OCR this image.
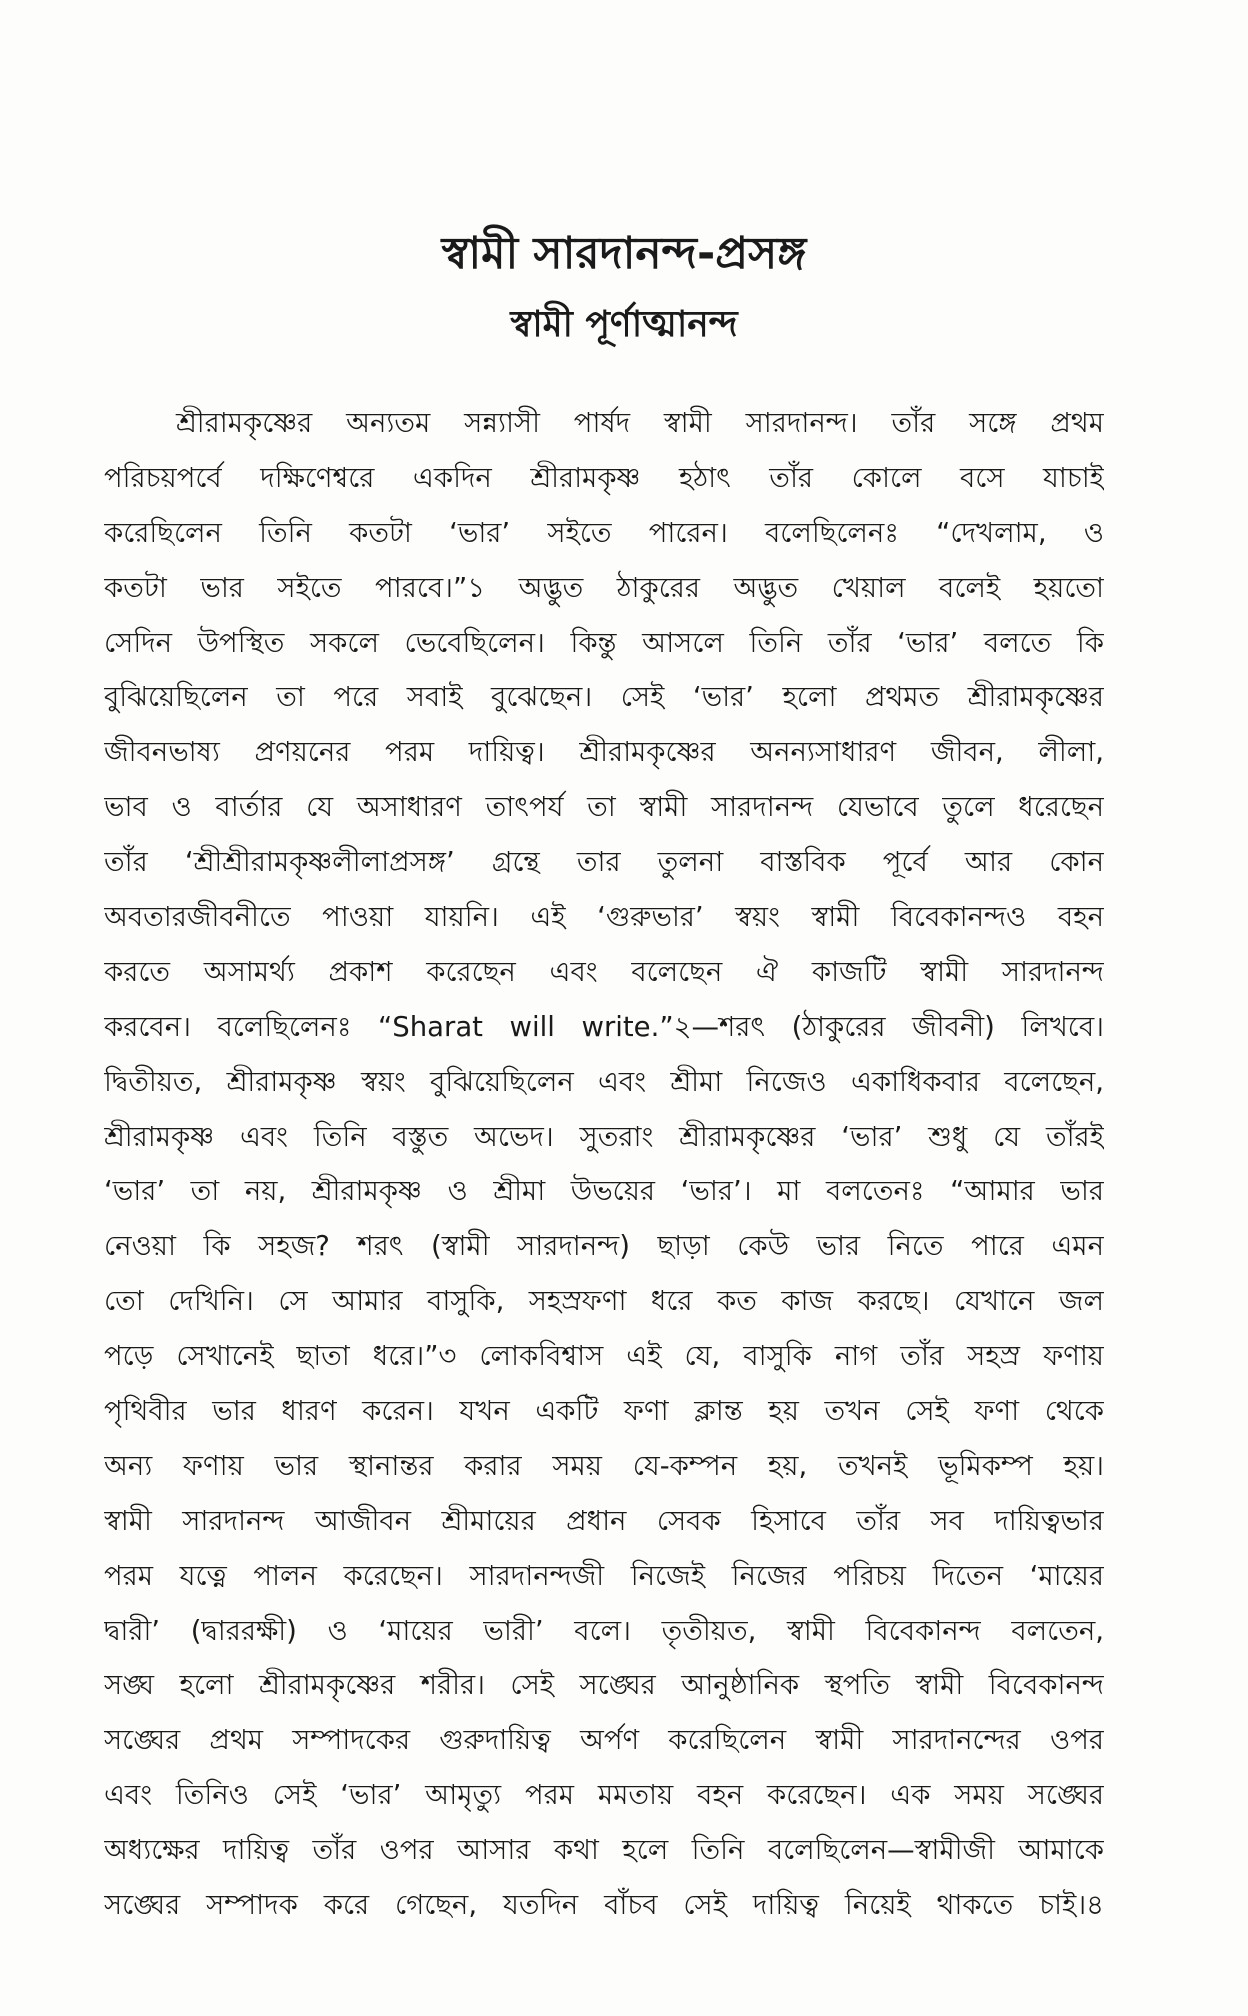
স্বামী সারদানন্দ-প্রসঙ্গ
স্বামী পূর্ণাত্মানন্দ
শ্রীরামকৃষ্ণের অন্যতম সন্ন্যাসী পার্ষদ স্বামী সারদানন্দ। তাঁর সঙ্গে প্রথম
পরিচয়পর্বে দক্ষিণেশ্বরে একদিন শ্রীরামকৃষ্ণ হঠাৎ তাঁর কোলে বসে যাচাই
করেছিলেন তিনি কতটা ‘ভার’ সইতে পারেন। বলেছিলেনঃ “দেখলাম, ও
কতটা ভার সইতে পারবে।”১ অদ্ভুত ঠাকুরের অদ্ভুত খেয়াল বলেই হয়তো
সেদিন উপস্থিত সকলে ভেবেছিলেন। কিন্তু আসলে তিনি তাঁর ‘ভার’ বলতে কি
বুঝিয়েছিলেন তা পরে সবাই বুঝেছেন। সেই ‘ভার’ হলো প্রথমত শ্রীরামকৃষ্ণের
জীবনভাষ্য প্রণয়নের পরম দায়িত্ব। শ্রীরামকৃষ্ণের অনন্যসাধারণ জীবন, লীলা,
ভাব ও বার্তার যে অসাধারণ তাৎপর্য তা স্বামী সারদানন্দ যেভাবে তুলে ধরেছেন
তাঁর ‘শ্রীশ্রীরামকৃষ্ণলীলাপ্রসঙ্গ’ গ্রন্থে তার তুলনা বাস্তবিক পূর্বে আর কোন
অবতারজীবনীতে পাওয়া যায়নি। এই ‘গুরুভার’ স্বয়ং স্বামী বিবেকানন্দও বহন
করতে অসামর্থ্য প্রকাশ করেছেন এবং বলেছেন ঐ কাজটি স্বামী সারদানন্দ
করবেন। বলেছিলেনঃ “Sharat will write.”২—শরৎ (ঠাকুরের জীবনী) লিখবে।
দ্বিতীয়ত, শ্রীরামকৃষ্ণ স্বয়ং বুঝিয়েছিলেন এবং শ্রীমা নিজেও একাধিকবার বলেছেন,
শ্রীরামকৃষ্ণ এবং তিনি বস্তুত অভেদ। সুতরাং শ্রীরামকৃষ্ণের ‘ভার’ শুধু যে তাঁরই
‘ভার’ তা নয়, শ্রীরামকৃষ্ণ ও শ্রীমা উভয়ের ‘ভার’। মা বলতেনঃ “আমার ভার
নেওয়া কি সহজ? শরৎ (স্বামী সারদানন্দ) ছাড়া কেউ ভার নিতে পারে এমন
তো দেখিনি। সে আমার বাসুকি, সহস্রফণা ধরে কত কাজ করছে। যেখানে জল
পড়ে সেখানেই ছাতা ধরে।”৩ লোকবিশ্বাস এই যে, বাসুকি নাগ তাঁর সহস্র ফণায়
পৃথিবীর ভার ধারণ করেন। যখন একটি ফণা ক্লান্ত হয় তখন সেই ফণা থেকে
অন্য ফণায় ভার স্থানান্তর করার সময় যে-কম্পন হয়, তখনই ভূমিকম্প হয়।
স্বামী সারদানন্দ আজীবন শ্রীমায়ের প্রধান সেবক হিসাবে তাঁর সব দায়িত্বভার
পরম যত্নে পালন করেছেন। সারদানন্দজী নিজেই নিজের পরিচয় দিতেন ‘মায়ের
দ্বারী’ (দ্বাররক্ষী) ও ‘মায়ের ভারী’ বলে। তৃতীয়ত, স্বামী বিবেকানন্দ বলতেন,
সঙ্ঘ হলো শ্রীরামকৃষ্ণের শরীর। সেই সঙ্ঘের আনুষ্ঠানিক স্থপতি স্বামী বিবেকানন্দ
সঙ্ঘের প্রথম সম্পাদকের গুরুদায়িত্ব অর্পণ করেছিলেন স্বামী সারদানন্দের ওপর
এবং তিনিও সেই ‘ভার’ আমৃত্যু পরম মমতায় বহন করেছেন। এক সময় সঙ্ঘের
অধ্যক্ষের দায়িত্ব তাঁর ওপর আসার কথা হলে তিনি বলেছিলেন—স্বামীজী আমাকে
সঙ্ঘের সম্পাদক করে গেছেন, যতদিন বাঁচব সেই দায়িত্ব নিয়েই থাকতে চাই।৪
